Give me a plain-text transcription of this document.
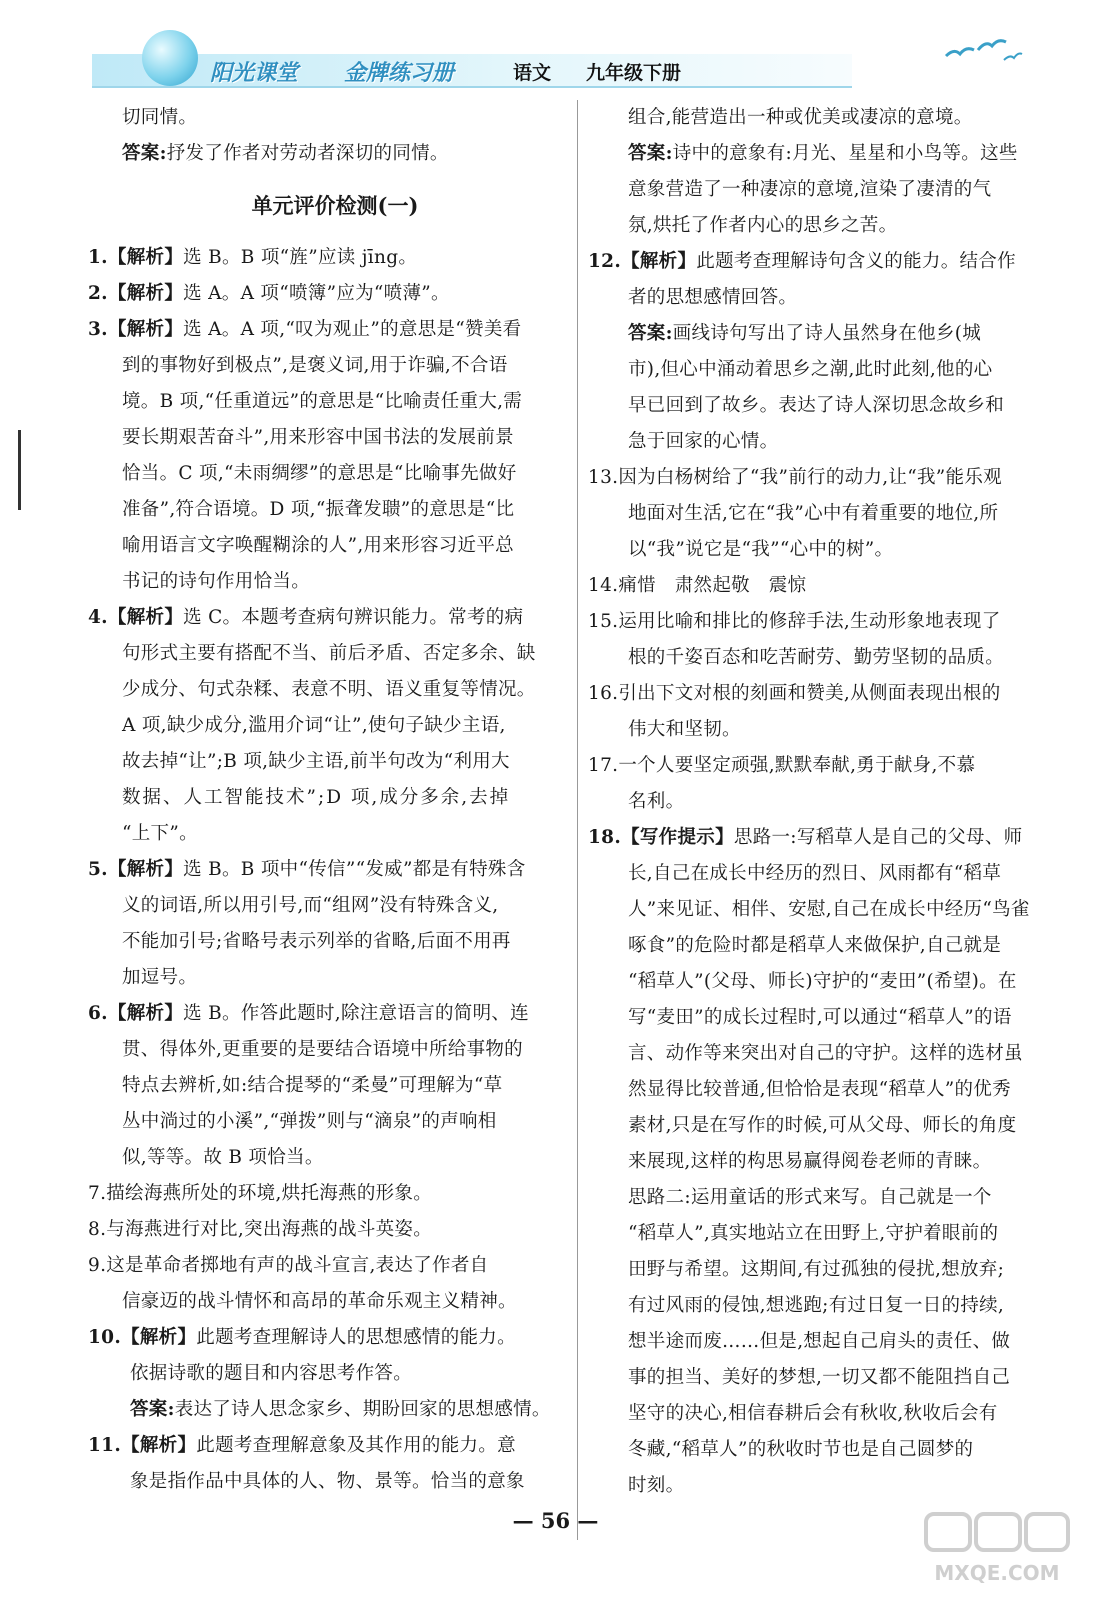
阳光课堂 金牌练习册	语文 九年级下册
切同情。
答案:抒发了作者对劳动者深切的同情。
单元评价检测(一)
1.【解析】选 B。B 项“旌”应读 jīng。
2.【解析】选 A。A 项“喷簿”应为“喷薄”。
3.【解析】选 A。A 项,“叹为观止”的意思是“赞美看
到的事物好到极点”,是褒义词,用于诈骗,不合语
境。B 项,“任重道远”的意思是“比喻责任重大,需
要长期艰苦奋斗”,用来形容中国书法的发展前景
恰当。C 项,“未雨绸缪”的意思是“比喻事先做好
准备”,符合语境。D 项,“振聋发聩”的意思是“比
喻用语言文字唤醒糊涂的人”,用来形容习近平总
书记的诗句作用恰当。
4.【解析】选 C。本题考查病句辨识能力。常考的病
句形式主要有搭配不当、前后矛盾、否定多余、缺
少成分、句式杂糅、表意不明、语义重复等情况。
A 项,缺少成分,滥用介词“让”,使句子缺少主语,
故去掉“让”;B 项,缺少主语,前半句改为“利用大
数据、人工智能技术”;D 项,成分多余,去掉
“上下”。
5.【解析】选 B。B 项中“传信”“发威”都是有特殊含
义的词语,所以用引号,而“组网”没有特殊含义,
不能加引号;省略号表示列举的省略,后面不用再
加逗号。
6.【解析】选 B。作答此题时,除注意语言的简明、连
贯、得体外,更重要的是要结合语境中所给事物的
特点去辨析,如:结合提琴的“柔曼”可理解为“草
丛中淌过的小溪”,“弹拨”则与“滴泉”的声响相
似,等等。故 B 项恰当。
7.描绘海燕所处的环境,烘托海燕的形象。
8.与海燕进行对比,突出海燕的战斗英姿。
9.这是革命者掷地有声的战斗宣言,表达了作者自
信豪迈的战斗情怀和高昂的革命乐观主义精神。
10.【解析】此题考查理解诗人的思想感情的能力。
依据诗歌的题目和内容思考作答。
答案:表达了诗人思念家乡、期盼回家的思想感情。
11.【解析】此题考查理解意象及其作用的能力。意
象是指作品中具体的人、物、景等。恰当的意象
组合,能营造出一种或优美或凄凉的意境。
答案:诗中的意象有:月光、星星和小鸟等。这些
意象营造了一种凄凉的意境,渲染了凄清的气
氛,烘托了作者内心的思乡之苦。
12.【解析】此题考查理解诗句含义的能力。结合作
者的思想感情回答。
答案:画线诗句写出了诗人虽然身在他乡(城
市),但心中涌动着思乡之潮,此时此刻,他的心
早已回到了故乡。表达了诗人深切思念故乡和
急于回家的心情。
13.因为白杨树给了“我”前行的动力,让“我”能乐观
地面对生活,它在“我”心中有着重要的地位,所
以“我”说它是“我”“心中的树”。
14.痛惜　肃然起敬　震惊
15.运用比喻和排比的修辞手法,生动形象地表现了
根的千姿百态和吃苦耐劳、勤劳坚韧的品质。
16.引出下文对根的刻画和赞美,从侧面表现出根的
伟大和坚韧。
17.一个人要坚定顽强,默默奉献,勇于献身,不慕
名利。
18.【写作提示】思路一:写稻草人是自己的父母、师
长,自己在成长中经历的烈日、风雨都有“稻草
人”来见证、相伴、安慰,自己在成长中经历“鸟雀
啄食”的危险时都是稻草人来做保护,自己就是
“稻草人”(父母、师长)守护的“麦田”(希望)。在
写“麦田”的成长过程时,可以通过“稻草人”的语
言、动作等来突出对自己的守护。这样的选材虽
然显得比较普通,但恰恰是表现“稻草人”的优秀
素材,只是在写作的时候,可从父母、师长的角度
来展现,这样的构思易赢得阅卷老师的青睐。
思路二:运用童话的形式来写。自己就是一个
“稻草人”,真实地站立在田野上,守护着眼前的
田野与希望。这期间,有过孤独的侵扰,想放弃;
有过风雨的侵蚀,想逃跑;有过日复一日的持续,
想半途而废……但是,想起自己肩头的责任、做
事的担当、美好的梦想,一切又都不能阻挡自己
坚守的决心,相信春耕后会有秋收,秋收后会有
冬藏,“稻草人”的秋收时节也是自己圆梦的
时刻。
— 56 —
MXQE.COM
